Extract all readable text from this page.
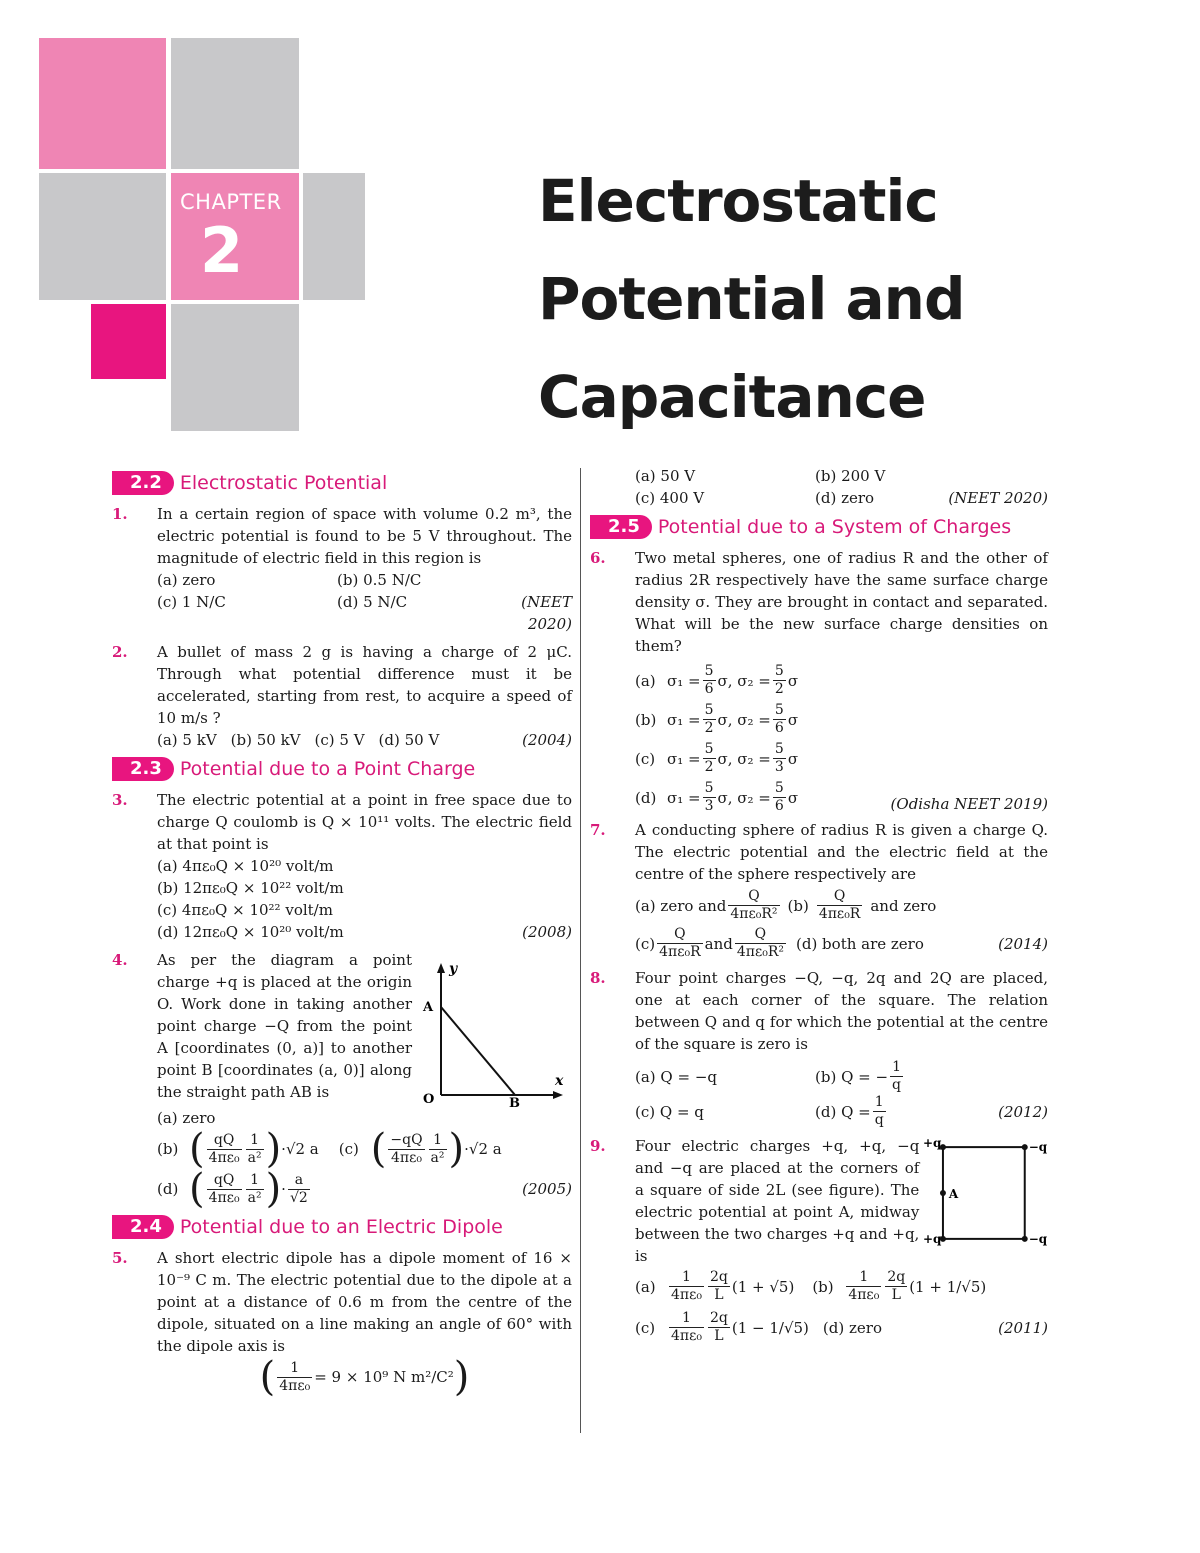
CHAPTER
2
Electrostatic
Potential and
Capacitance
2.2 Electrostatic Potential
1. In a certain region of space with volume 0.2 m³, the electric potential is found to be 5 V throughout. The magnitude of electric field in this region is
(a) zero	(b) 0.5 N/C
(c) 1 N/C	(d) 5 N/C	(NEET 2020)
2. A bullet of mass 2 g is having a charge of 2 μC. Through what potential difference must it be accelerated, starting from rest, to acquire a speed of 10 m/s ?
(a) 5 kV (b) 50 kV (c) 5 V (d) 50 V	(2004)
2.3 Potential due to a Point Charge
3. The electric potential at a point in free space due to charge Q coulomb is Q × 10¹¹ volts. The electric field at that point is
(a) 4πε₀Q × 10²⁰ volt/m
(b) 12πε₀Q × 10²² volt/m
(c) 4πε₀Q × 10²² volt/m
(d) 12πε₀Q × 10²⁰ volt/m	(2008)
4. As per the diagram a point charge +q is placed at the origin O. Work done in taking another point charge −Q from the point A [coordinates (0, a)] to another point B [coordinates (a, 0)] along the straight path AB is
y
x
A
O	B
(a) zero
(b) ( $\frac{qQ}{\text{4πε₀}} \frac{1}{\text{a²}}$ ) ·√2 a (c) ( $\frac{-qQ}{\text{4πε₀}} \frac{1}{\text{a²}}$ ) ·√2 a
(d) ( $\frac{qQ}{\text{4πε₀}} \frac{1}{\text{a²}}$ ) · $\frac{a}{√2}$	(2005)
2.4 Potential due to an Electric Dipole
5. A short electric dipole has a dipole moment of 16 × 10⁻⁹ C m. The electric potential due to the dipole at a point at a distance of 0.6 m from the centre of the dipole, situated on a line making an angle of 60° with the dipole axis is
( $\frac{1}{\text{4πε₀}} = 9 \times 10^9$ N m²/C² )
(a) 50 V	(b) 200 V
(c) 400 V	(d) zero	(NEET 2020)
2.5 Potential due to a System of Charges
6. Two metal spheres, one of radius R and the other of radius 2R respectively have the same surface charge density σ. They are brought in contact and separated. What will be the new surface charge densities on them?
(a) $\sigma_1 = \frac{5}{6} \sigma$, $\sigma_2 = \frac{5}{2}$ σ
(b) $\sigma_1 = \frac{5}{2} \sigma$, $\sigma_2 = \frac{5}{6}$ σ
(c) $\sigma_1 = \frac{5}{2} \sigma$, $\sigma_2 = \frac{5}{3}$ σ
(d) $\sigma_1 = \frac{5}{3} \sigma$, $\sigma_2 = \frac{5}{6}$ σ	(Odisha NEET 2019)
7. A conducting sphere of radius R is given a charge Q. The electric potential and the electric field at the centre of the sphere respectively are
(a) zero and $\frac{Q}{\text{4πε₀R²}} (b) \frac{Q}{\text{4πε₀R}}$ and zero
$(c) \frac{Q}{\text{4πε₀R}}$ and $\frac{Q}{\text{4πε₀R²}} (d)$ both are zero	(2014)
8. Four point charges −Q, −q, 2q and 2Q are placed, one at each corner of the square. The relation between Q and q for which the potential at the centre of the square is zero is
(a) Q = −q	(b) Q = − $\frac{1}{q}$
(c) Q = q	(d) $Q = \frac{1}{q}$	(2012)
9. Four electric charges +q, +q, −q and −q are placed at the corners of a square of side 2L (see figure). The electric potential at point A, midway between the two charges +q and +q, is
+q	−q
+q	−q
A
$(a) \frac{1}{\text{4πε₀}} \frac{2q}{L} (1 + √5)$ $(b) \frac{1}{\text{4πε₀}} \frac{2q}{L} (1 + 1/√5)$
$(c) \frac{1}{\text{4πε₀}} \frac{2q}{L} (1 - 1/√5)$ (d) zero	(2011)
